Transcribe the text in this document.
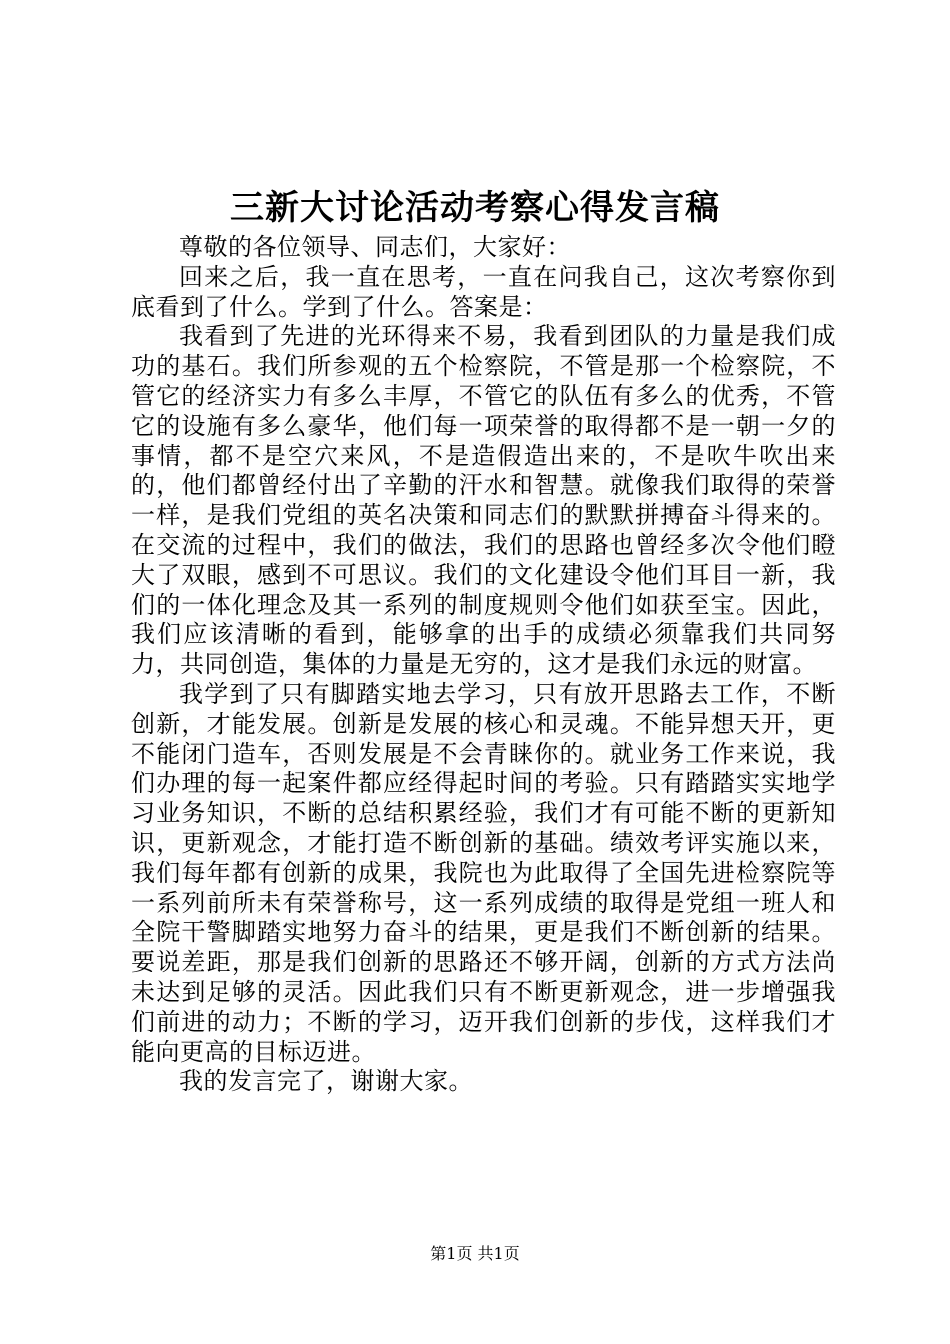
三新大讨论活动考察心得发言稿

尊敬的各位领导、同志们，大家好：

回来之后，我一直在思考，一直在问我自己，这次考察你到底看到了什么。学到了什么。答案是：

我看到了先进的光环得来不易，我看到团队的力量是我们成功的基石。我们所参观的五个检察院，不管是那一个检察院，不管它的经济实力有多么丰厚，不管它的队伍有多么的优秀，不管它的设施有多么豪华，他们每一项荣誉的取得都不是一朝一夕的事情，都不是空穴来风，不是造假造出来的，不是吹牛吹出来的，他们都曾经付出了辛勤的汗水和智慧。就像我们取得的荣誉一样，是我们党组的英名决策和同志们的默默拼搏奋斗得来的。在交流的过程中，我们的做法，我们的思路也曾经多次令他们瞪大了双眼，感到不可思议。我们的文化建设令他们耳目一新，我们的一体化理念及其一系列的制度规则令他们如获至宝。因此，我们应该清晰的看到，能够拿的出手的成绩必须靠我们共同努力，共同创造，集体的力量是无穷的，这才是我们永远的财富。

我学到了只有脚踏实地去学习，只有放开思路去工作，不断创新，才能发展。创新是发展的核心和灵魂。不能异想天开，更不能闭门造车，否则发展是不会青睐你的。就业务工作来说，我们办理的每一起案件都应经得起时间的考验。只有踏踏实实地学习业务知识，不断的总结积累经验，我们才有可能不断的更新知识，更新观念，才能打造不断创新的基础。绩效考评实施以来，我们每年都有创新的成果，我院也为此取得了全国先进检察院等一系列前所未有荣誉称号，这一系列成绩的取得是党组一班人和全院干警脚踏实地努力奋斗的结果，更是我们不断创新的结果。要说差距，那是我们创新的思路还不够开阔，创新的方式方法尚未达到足够的灵活。因此我们只有不断更新观念，进一步增强我们前进的动力；不断的学习，迈开我们创新的步伐，这样我们才能向更高的目标迈进。

我的发言完了，谢谢大家。

第1页 共1页
